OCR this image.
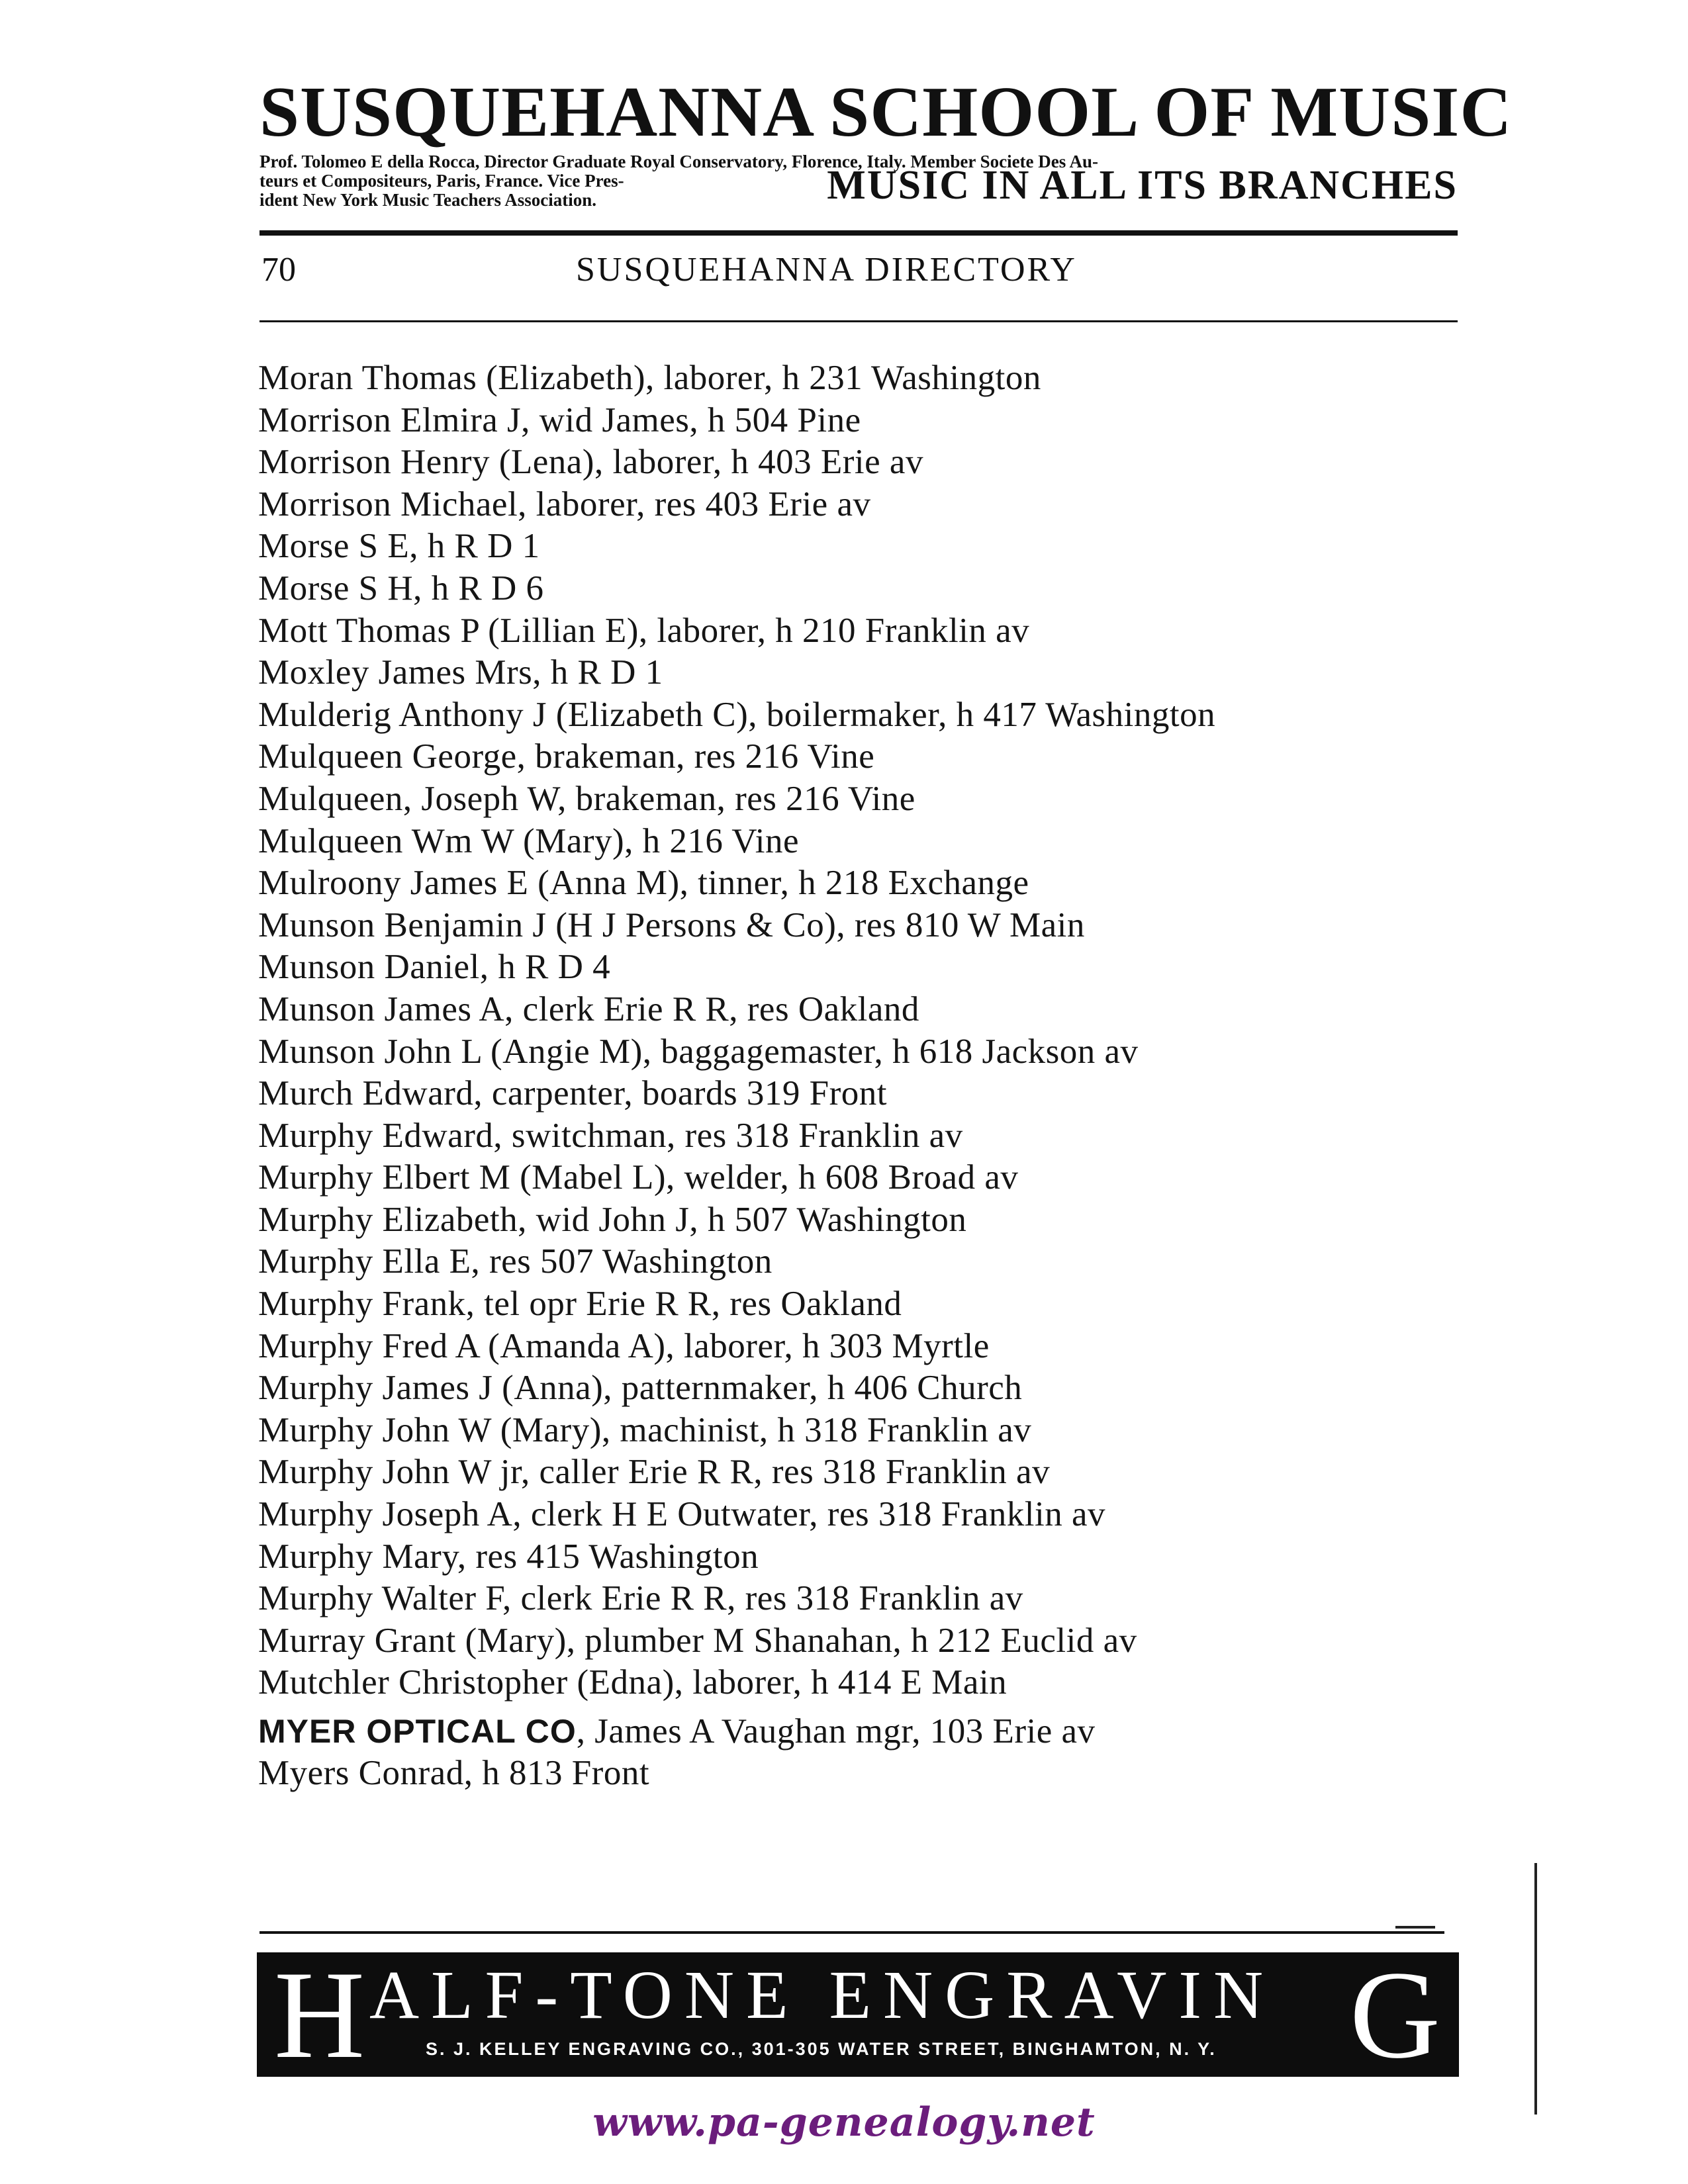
SUSQUEHANNA SCHOOL OF MUSIC
Prof. Tolomeo E della Rocca, Director Graduate Royal Conservatory, Florence, Italy. Member Societe Des Au-
teurs et Compositeurs, Paris, France. Vice Pres-
ident New York Music Teachers Association.	MUSIC IN ALL ITS BRANCHES
70	SUSQUEHANNA DIRECTORY
Moran Thomas (Elizabeth), laborer, h 231 Washington
Morrison Elmira J, wid James, h 504 Pine
Morrison Henry (Lena), laborer, h 403 Erie av
Morrison Michael, laborer, res 403 Erie av
Morse S E, h R D 1
Morse S H, h R D 6
Mott Thomas P (Lillian E), laborer, h 210 Franklin av
Moxley James Mrs, h R D 1
Mulderig Anthony J (Elizabeth C), boilermaker, h 417 Washington
Mulqueen George, brakeman, res 216 Vine
Mulqueen, Joseph W, brakeman, res 216 Vine
Mulqueen Wm W (Mary), h 216 Vine
Mulroony James E (Anna M), tinner, h 218 Exchange
Munson Benjamin J (H J Persons & Co), res 810 W Main
Munson Daniel, h R D 4
Munson James A, clerk Erie R R, res Oakland
Munson John L (Angie M), baggagemaster, h 618 Jackson av
Murch Edward, carpenter, boards 319 Front
Murphy Edward, switchman, res 318 Franklin av
Murphy Elbert M (Mabel L), welder, h 608 Broad av
Murphy Elizabeth, wid John J, h 507 Washington
Murphy Ella E, res 507 Washington
Murphy Frank, tel opr Erie R R, res Oakland
Murphy Fred A (Amanda A), laborer, h 303 Myrtle
Murphy James J (Anna), patternmaker, h 406 Church
Murphy John W (Mary), machinist, h 318 Franklin av
Murphy John W jr, caller Erie R R, res 318 Franklin av
Murphy Joseph A, clerk H E Outwater, res 318 Franklin av
Murphy Mary, res 415 Washington
Murphy Walter F, clerk Erie R R, res 318 Franklin av
Murray Grant (Mary), plumber M Shanahan, h 212 Euclid av
Mutchler Christopher (Edna), laborer, h 414 E Main
MYER OPTICAL CO, James A Vaughan mgr, 103 Erie av
Myers Conrad, h 813 Front
H ALF-TONE ENGRAVIN G
S. J. KELLEY ENGRAVING CO., 301-305 WATER STREET, BINGHAMTON, N. Y.
www.pa-genealogy.net
